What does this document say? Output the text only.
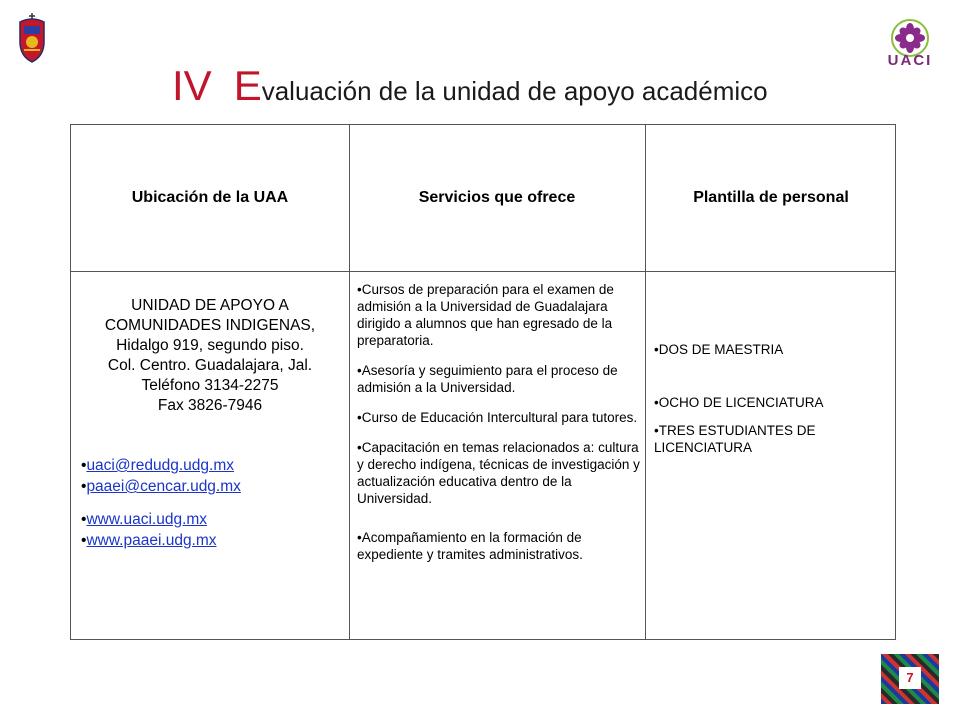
UACI
IV Evaluación de la unidad de apoyo académico
Ubicación de la UAA	Servicios que ofrece	Plantilla de personal
UNIDAD DE APOYO A
COMUNIDADES INDIGENAS,
Hidalgo 919, segundo piso.
Col. Centro. Guadalajara, Jal.
Teléfono 3134-2275
Fax 3826-7946
•uaci@redudg.udg.mx
•paaei@cencar.udg.mx
•www.uaci.udg.mx
•www.paaei.udg.mx
•Cursos de preparación para el examen de admisión a la Universidad de Guadalajara dirigido a alumnos que han egresado de la preparatoria.
•Asesoría y seguimiento para el proceso de admisión a la Universidad.
•Curso de Educación Intercultural para tutores.
•Capacitación en temas relacionados a: cultura y derecho indígena, técnicas de investigación y actualización educativa dentro de la Universidad.
•Acompañamiento en la formación de expediente y tramites administrativos.
•DOS DE MAESTRIA
•OCHO DE LICENCIATURA
•TRES ESTUDIANTES DE LICENCIATURA
7
